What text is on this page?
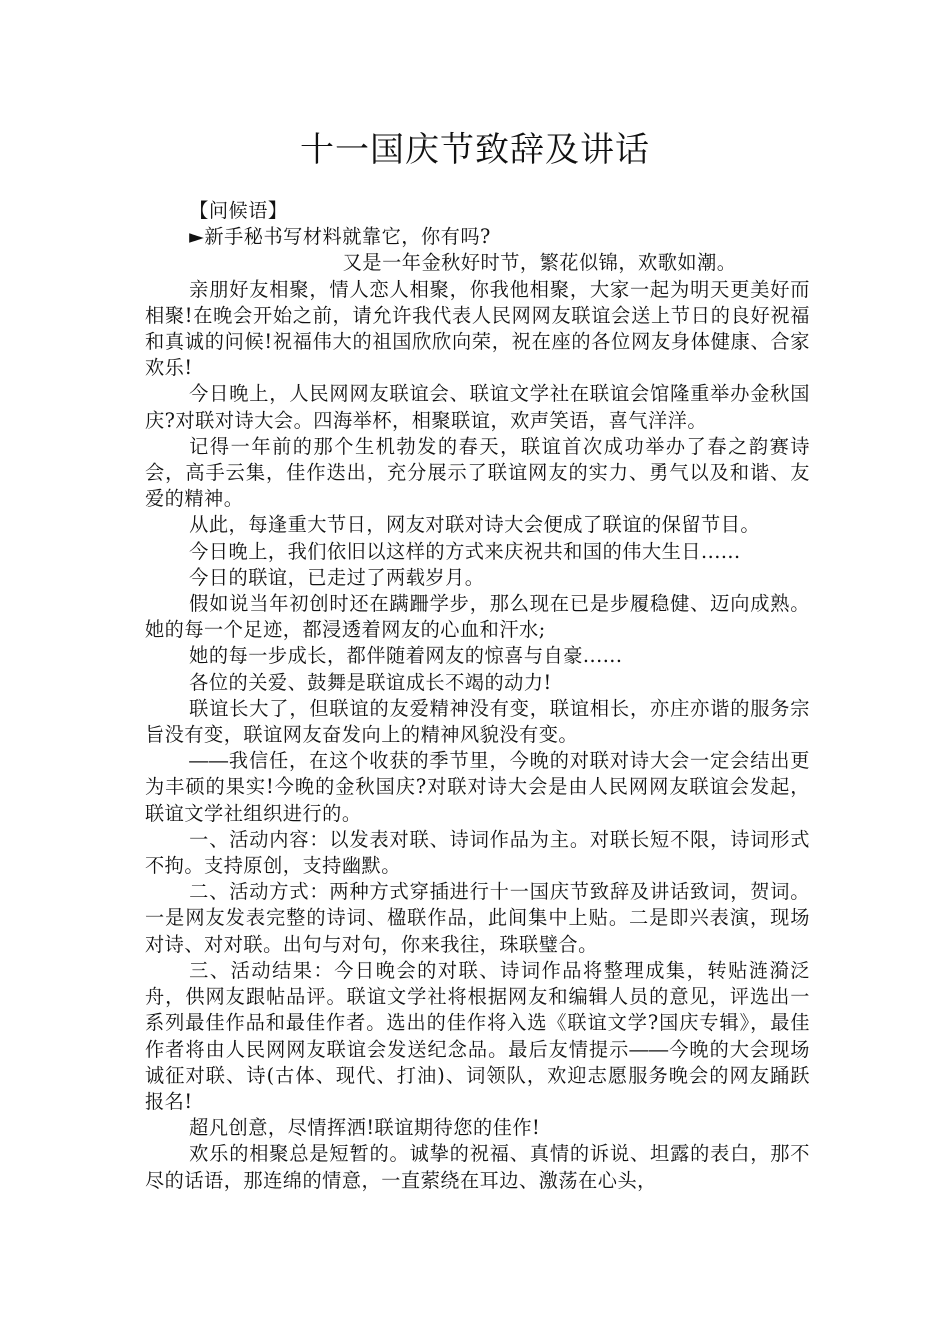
十一国庆节致辞及讲话

【问候语】

►新手秘书写材料就靠它，你有吗?

又是一年金秋好时节，繁花似锦，欢歌如潮。

亲朋好友相聚，情人恋人相聚，你我他相聚，大家一起为明天更美好而相聚!在晚会开始之前，请允许我代表人民网网友联谊会送上节日的良好祝福和真诚的问候!祝福伟大的祖国欣欣向荣，祝在座的各位网友身体健康、合家欢乐!

今日晚上，人民网网友联谊会、联谊文学社在联谊会馆隆重举办金秋国庆?对联对诗大会。四海举杯，相聚联谊，欢声笑语，喜气洋洋。

记得一年前的那个生机勃发的春天，联谊首次成功举办了春之韵赛诗会，高手云集，佳作迭出，充分展示了联谊网友的实力、勇气以及和谐、友爱的精神。

从此，每逢重大节日，网友对联对诗大会便成了联谊的保留节目。

今日晚上，我们依旧以这样的方式来庆祝共和国的伟大生日......

今日的联谊，已走过了两载岁月。

假如说当年初创时还在蹒跚学步，那么现在已是步履稳健、迈向成熟。她的每一个足迹，都浸透着网友的心血和汗水;

她的每一步成长，都伴随着网友的惊喜与自豪......

各位的关爱、鼓舞是联谊成长不竭的动力!

联谊长大了，但联谊的友爱精神没有变，联谊相长，亦庄亦谐的服务宗旨没有变，联谊网友奋发向上的精神风貌没有变。

――我信任，在这个收获的季节里，今晚的对联对诗大会一定会结出更为丰硕的果实!今晚的金秋国庆?对联对诗大会是由人民网网友联谊会发起，联谊文学社组织进行的。

一、活动内容：以发表对联、诗词作品为主。对联长短不限，诗词形式不拘。支持原创，支持幽默。

二、活动方式：两种方式穿插进行十一国庆节致辞及讲话致词，贺词。一是网友发表完整的诗词、楹联作品，此间集中上贴。二是即兴表演，现场对诗、对对联。出句与对句，你来我往，珠联璧合。

三、活动结果：今日晚会的对联、诗词作品将整理成集，转贴涟漪泛舟，供网友跟帖品评。联谊文学社将根据网友和编辑人员的意见，评选出一系列最佳作品和最佳作者。选出的佳作将入选《联谊文学?国庆专辑》，最佳作者将由人民网网友联谊会发送纪念品。最后友情提示――今晚的大会现场诚征对联、诗(古体、现代、打油)、词领队，欢迎志愿服务晚会的网友踊跃报名!

超凡创意，尽情挥洒!联谊期待您的佳作!

欢乐的相聚总是短暂的。诚挚的祝福、真情的诉说、坦露的表白，那不尽的话语，那连绵的情意，一直萦绕在耳边、激荡在心头，
